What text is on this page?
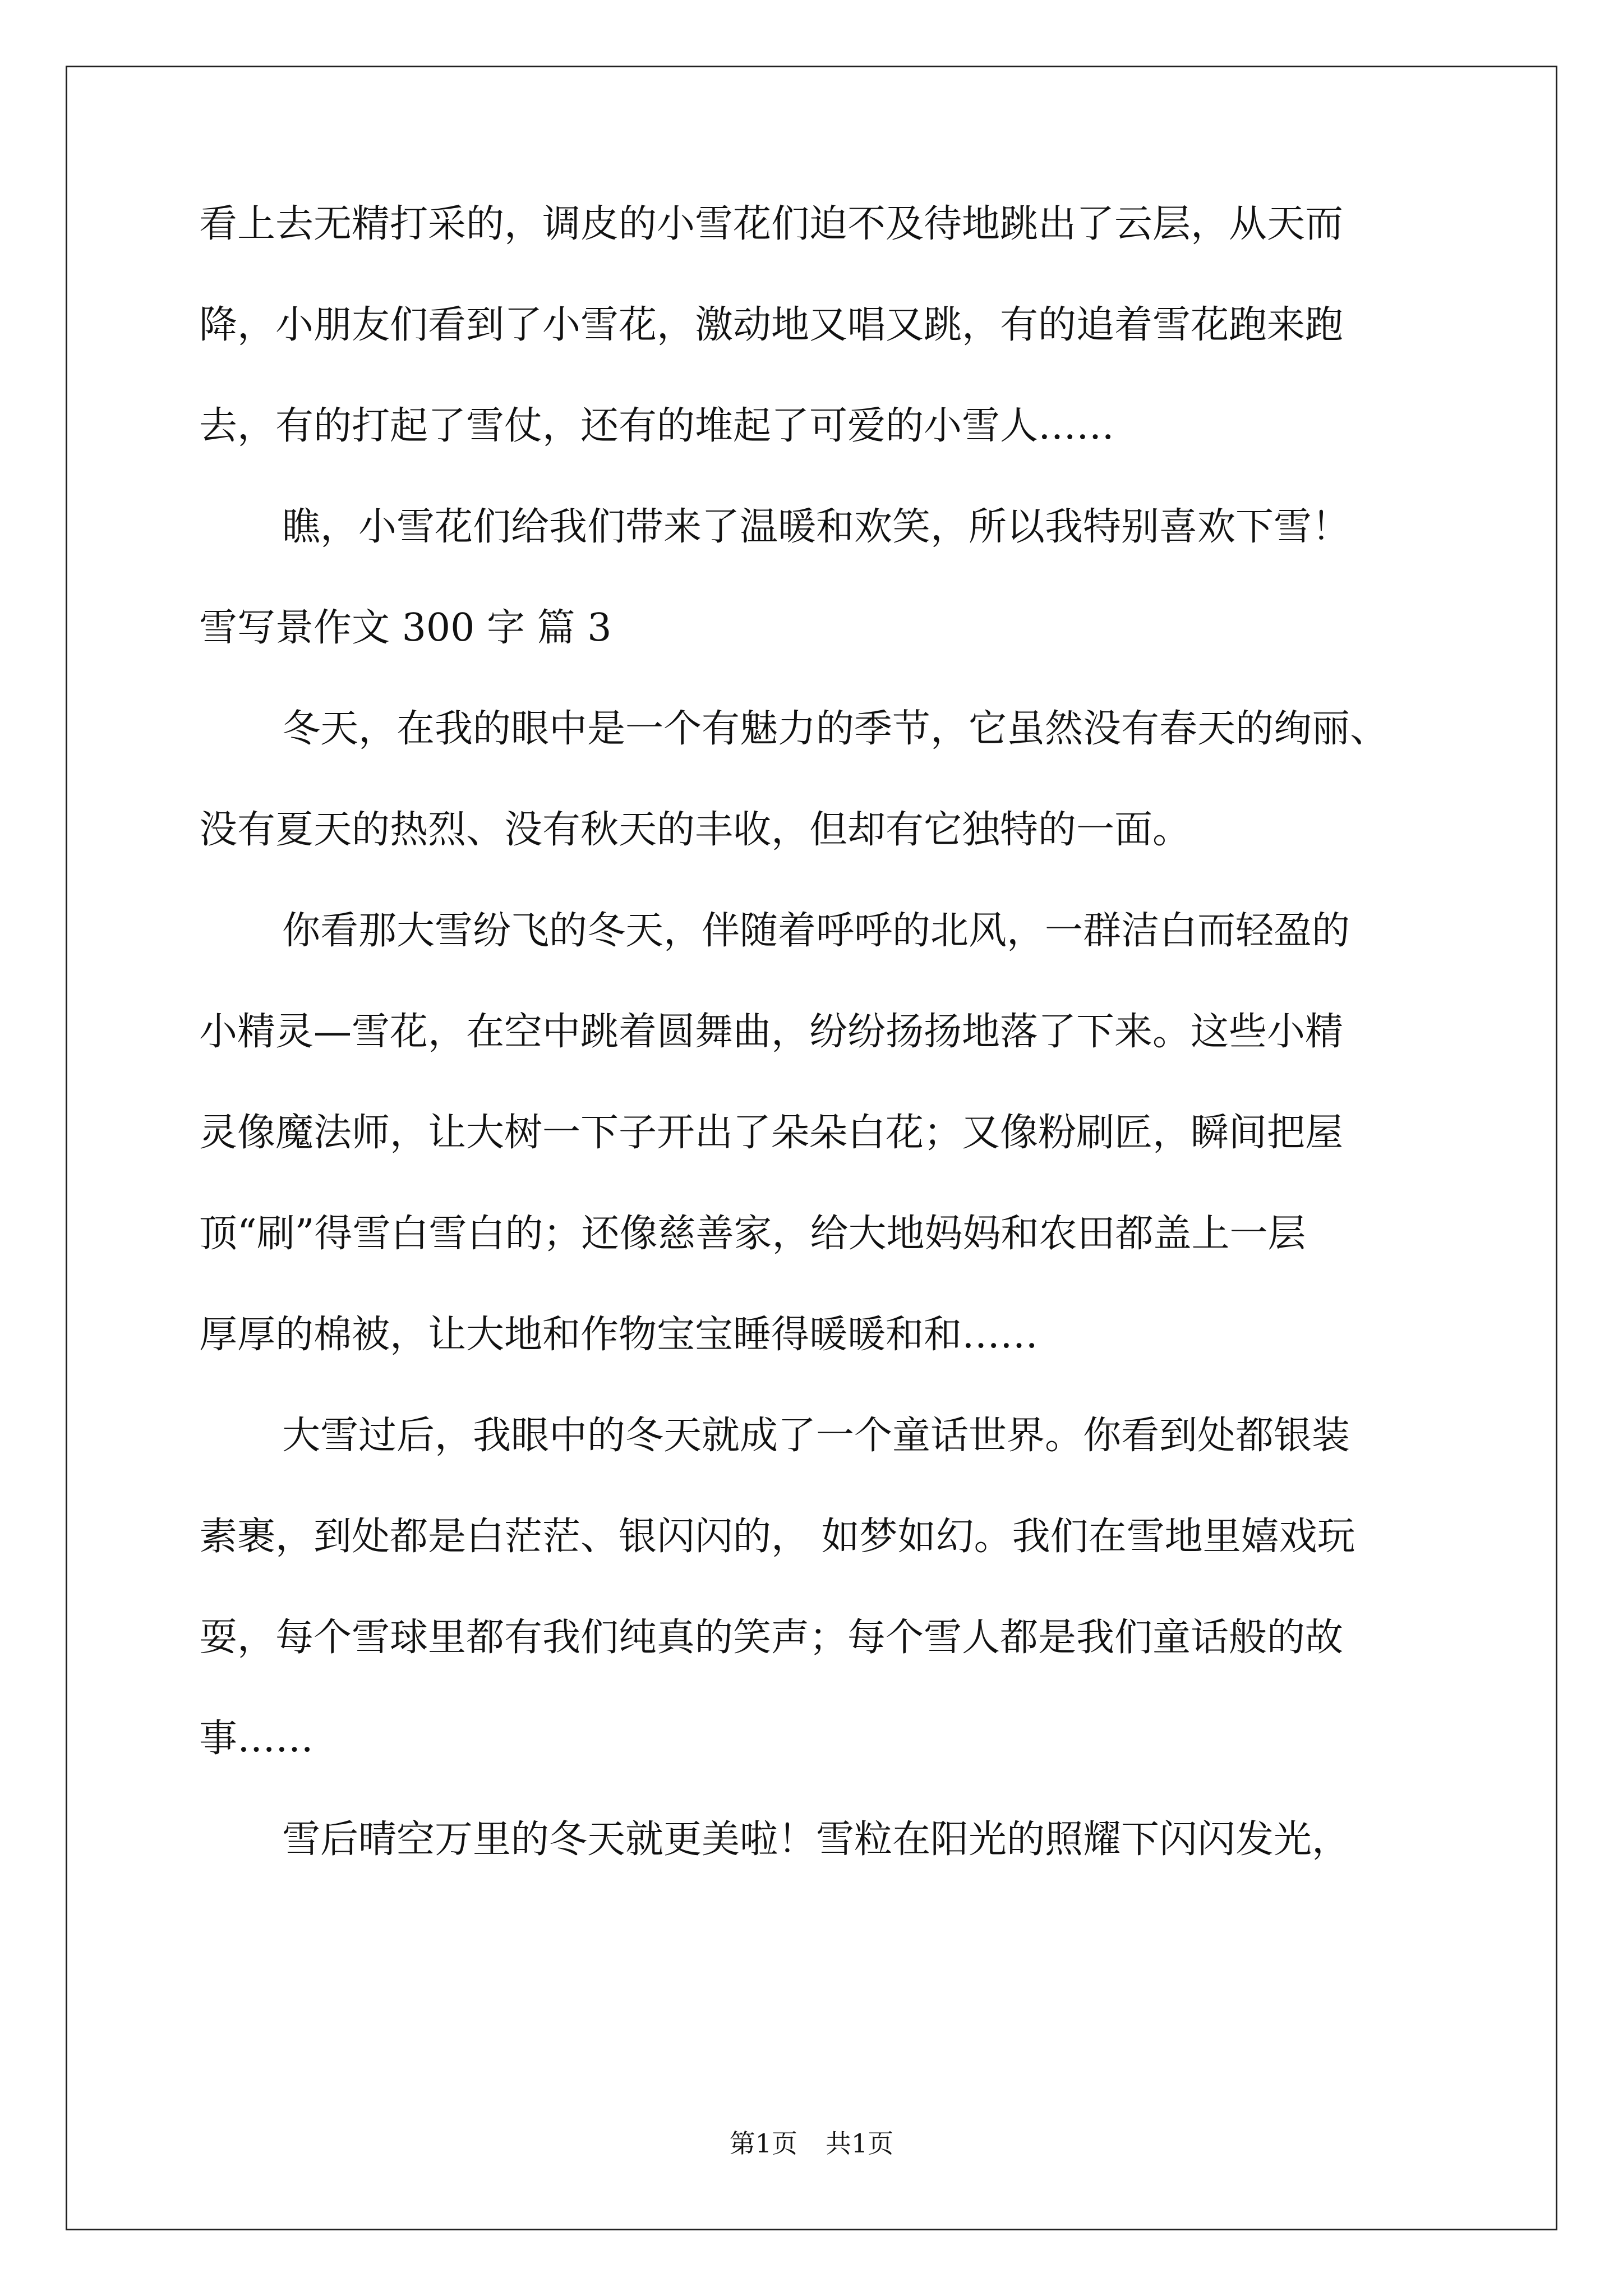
看上去无精打采的，调皮的小雪花们迫不及待地跳出了云层，从天而
降，小朋友们看到了小雪花，激动地又唱又跳，有的追着雪花跑来跑
去，有的打起了雪仗，还有的堆起了可爱的小雪人……
瞧，小雪花们给我们带来了温暖和欢笑，所以我特别喜欢下雪！
雪写景作文 300 字 篇 3
冬天，在我的眼中是一个有魅力的季节，它虽然没有春天的绚丽、
没有夏天的热烈、没有秋天的丰收，但却有它独特的一面。
你看那大雪纷飞的冬天，伴随着呼呼的北风，一群洁白而轻盈的
小精灵—雪花，在空中跳着圆舞曲，纷纷扬扬地落了下来。这些小精
灵像魔法师，让大树一下子开出了朵朵白花；又像粉刷匠，瞬间把屋
顶“刷”得雪白雪白的；还像慈善家，给大地妈妈和农田都盖上一层
厚厚的棉被，让大地和作物宝宝睡得暖暖和和……
大雪过后，我眼中的冬天就成了一个童话世界。你看到处都银装
素裹，到处都是白茫茫、银闪闪的， 如梦如幻。我们在雪地里嬉戏玩
耍，每个雪球里都有我们纯真的笑声；每个雪人都是我们童话般的故
事……
雪后晴空万里的冬天就更美啦！雪粒在阳光的照耀下闪闪发光，
第1页 共1页
